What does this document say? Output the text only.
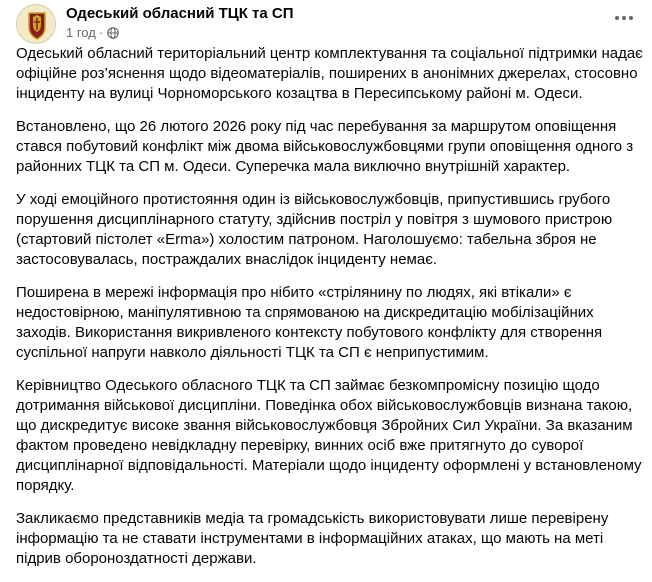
Одеський обласний ТЦК та СП
1 год ·

Одеський обласний територіальний центр комплектування та соціальної підтримки надає офіційне роз’яснення щодо відеоматеріалів, поширених в анонімних джерелах, стосовно інциденту на вулиці Чорноморського козацтва в Пересипському районі м. Одеси.

Встановлено, що 26 лютого 2026 року під час перебування за маршрутом оповіщення стався побутовий конфлікт між двома військовослужбовцями групи оповіщення одного з районних ТЦК та СП м. Одеси. Суперечка мала виключно внутрішній характер.

У ході емоційного протистояння один із військовослужбовців, припустившись грубого порушення дисциплінарного статуту, здійснив постріл у повітря з шумового пристрою (стартовий пістолет «Erma») холостим патроном. Наголошуємо: табельна зброя не застосовувалась, постраждалих внаслідок інциденту немає.

Поширена в мережі інформація про нібито «стрілянину по людях, які втікали» є недостовірною, маніпулятивною та спрямованою на дискредитацію мобілізаційних заходів. Використання викривленого контексту побутового конфлікту для створення суспільної напруги навколо діяльності ТЦК та СП є неприпустимим.

Керівництво Одеського обласного ТЦК та СП займає безкомпромісну позицію щодо дотримання військової дисципліни. Поведінка обох військовослужбовців визнана такою, що дискредитує високе звання військовослужбовця Збройних Сил України. За вказаним фактом проведено невідкладну перевірку, винних осіб вже притягнуто до суворої дисциплінарної відповідальності. Матеріали щодо інциденту оформлені у встановленому порядку.

Закликаємо представників медіа та громадськість використовувати лише перевірену інформацію та не ставати інструментами в інформаційних атаках, що мають на меті підрив обороноздатності держави.
